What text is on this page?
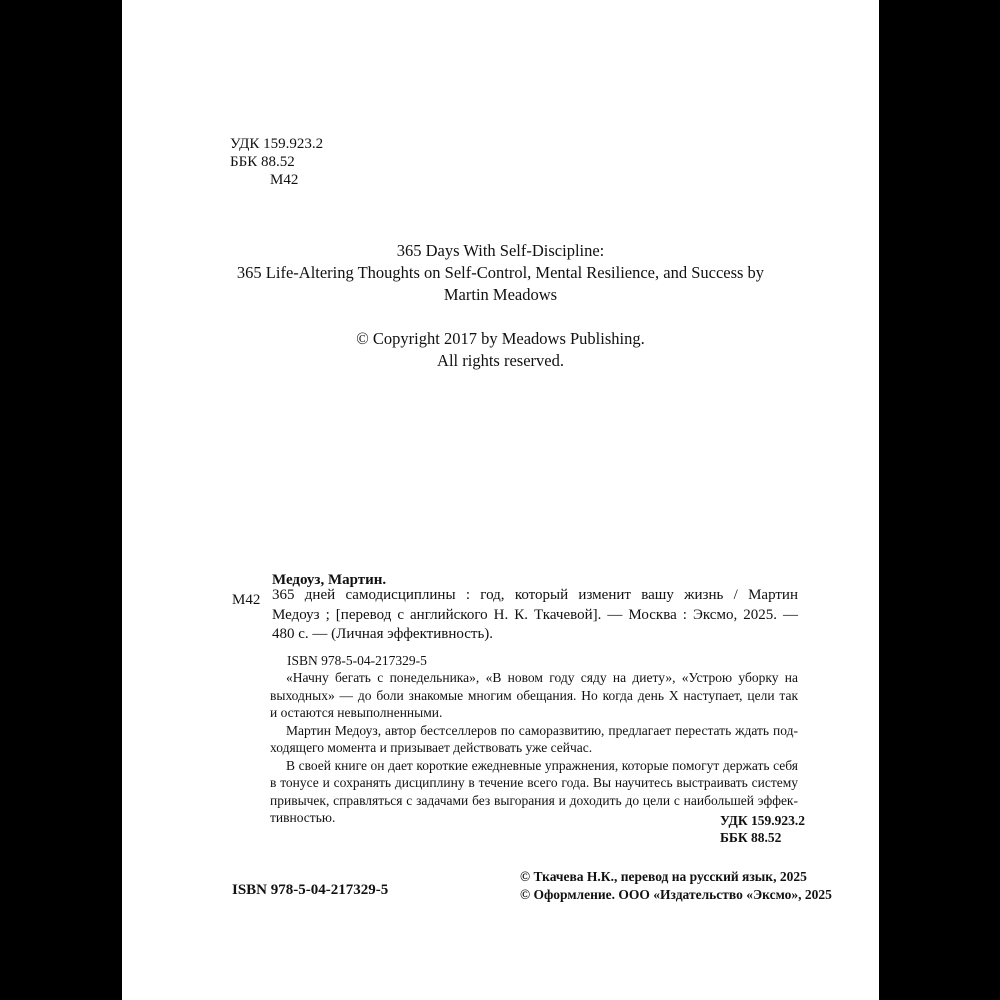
УДК 159.923.2
ББК 88.52
М42
365 Days With Self-Discipline:
365 Life-Altering Thoughts on Self-Control, Mental Resilience, and Success by
Martin Meadows
© Copyright 2017 by Meadows Publishing.
All rights reserved.
Медоуз, Мартин.
М42 365 дней самодисциплины : год, который изменит вашу жизнь / Мартин
Медоуз ; [перевод с английского Н. К. Ткачевой]. — Москва : Эксмо, 2025. —
480 с. — (Личная эффективность).
ISBN 978-5-04-217329-5
«Начну бегать с понедельника», «В новом году сяду на диету», «Устрою уборку на
выходных» — до боли знакомые многим обещания. Но когда день Х наступает, цели так
и остаются невыполненными.
Мартин Медоуз, автор бестселлеров по саморазвитию, предлагает перестать ждать под-
ходящего момента и призывает действовать уже сейчас.
В своей книге он дает короткие ежедневные упражнения, которые помогут держать себя
в тонусе и сохранять дисциплину в течение всего года. Вы научитесь выстраивать систему
привычек, справляться с задачами без выгорания и доходить до цели с наибольшей эффек-
тивностью.	УДК 159.923.2
ББК 88.52
ISBN 978-5-04-217329-5
© Ткачева Н.К., перевод на русский язык, 2025
© Оформление. ООО «Издательство «Эксмо», 2025
